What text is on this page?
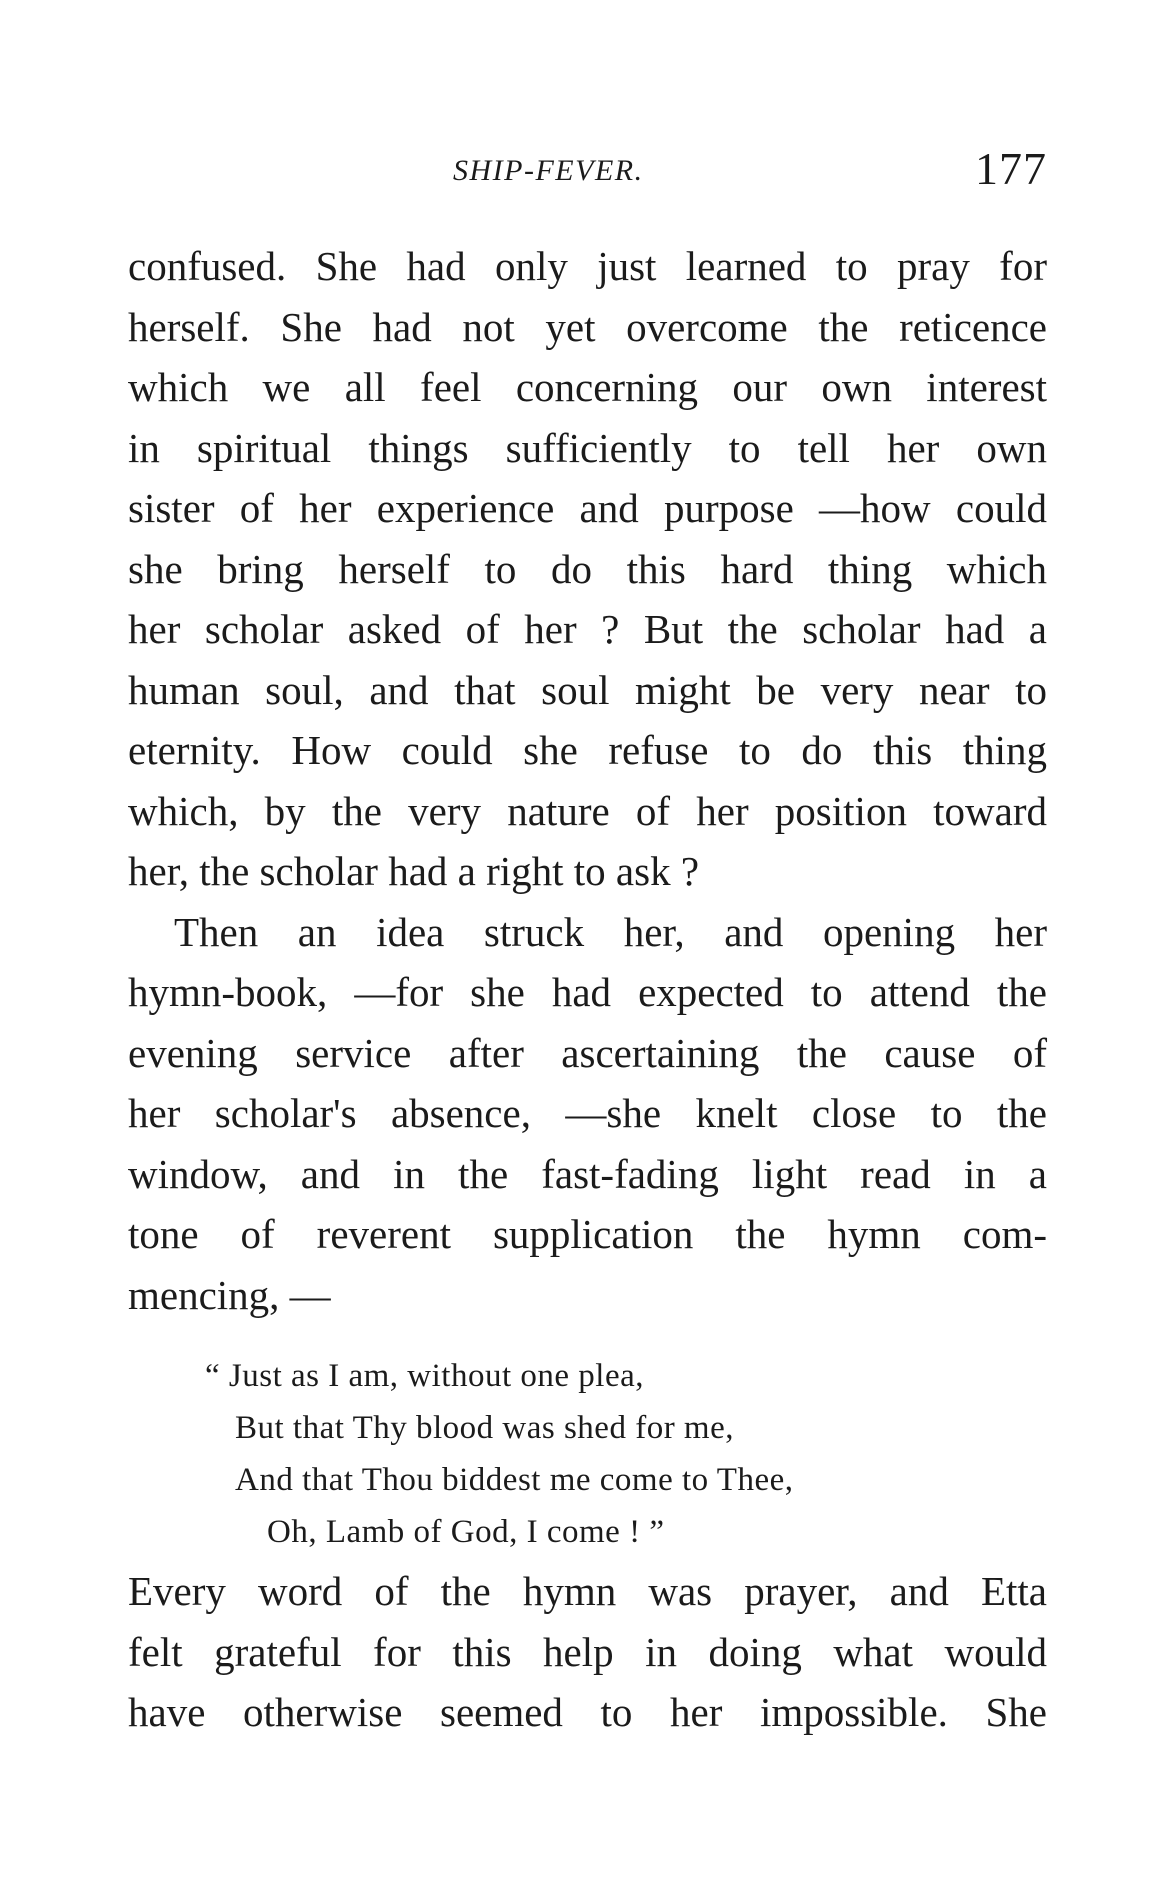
SHIP-FEVER.	177
confused. She had only just learned to pray for
herself. She had not yet overcome the reticence
which we all feel concerning our own interest
in spiritual things sufficiently to tell her own
sister of her experience and purpose —how could
she bring herself to do this hard thing which
her scholar asked of her ? But the scholar had a
human soul, and that soul might be very near to
eternity. How could she refuse to do this thing
which, by the very nature of her position toward
her, the scholar had a right to ask ?
Then an idea struck her, and opening her
hymn-book, —for she had expected to attend the
evening service after ascertaining the cause of
her scholar's absence, —she knelt close to the
window, and in the fast-fading light read in a
tone of reverent supplication the hymn com-
mencing, —
“ Just as I am, without one plea,
But that Thy blood was shed for me,
And that Thou biddest me come to Thee,
Oh, Lamb of God, I come ! ”
Every word of the hymn was prayer, and Etta
felt grateful for this help in doing what would
have otherwise seemed to her impossible. She
